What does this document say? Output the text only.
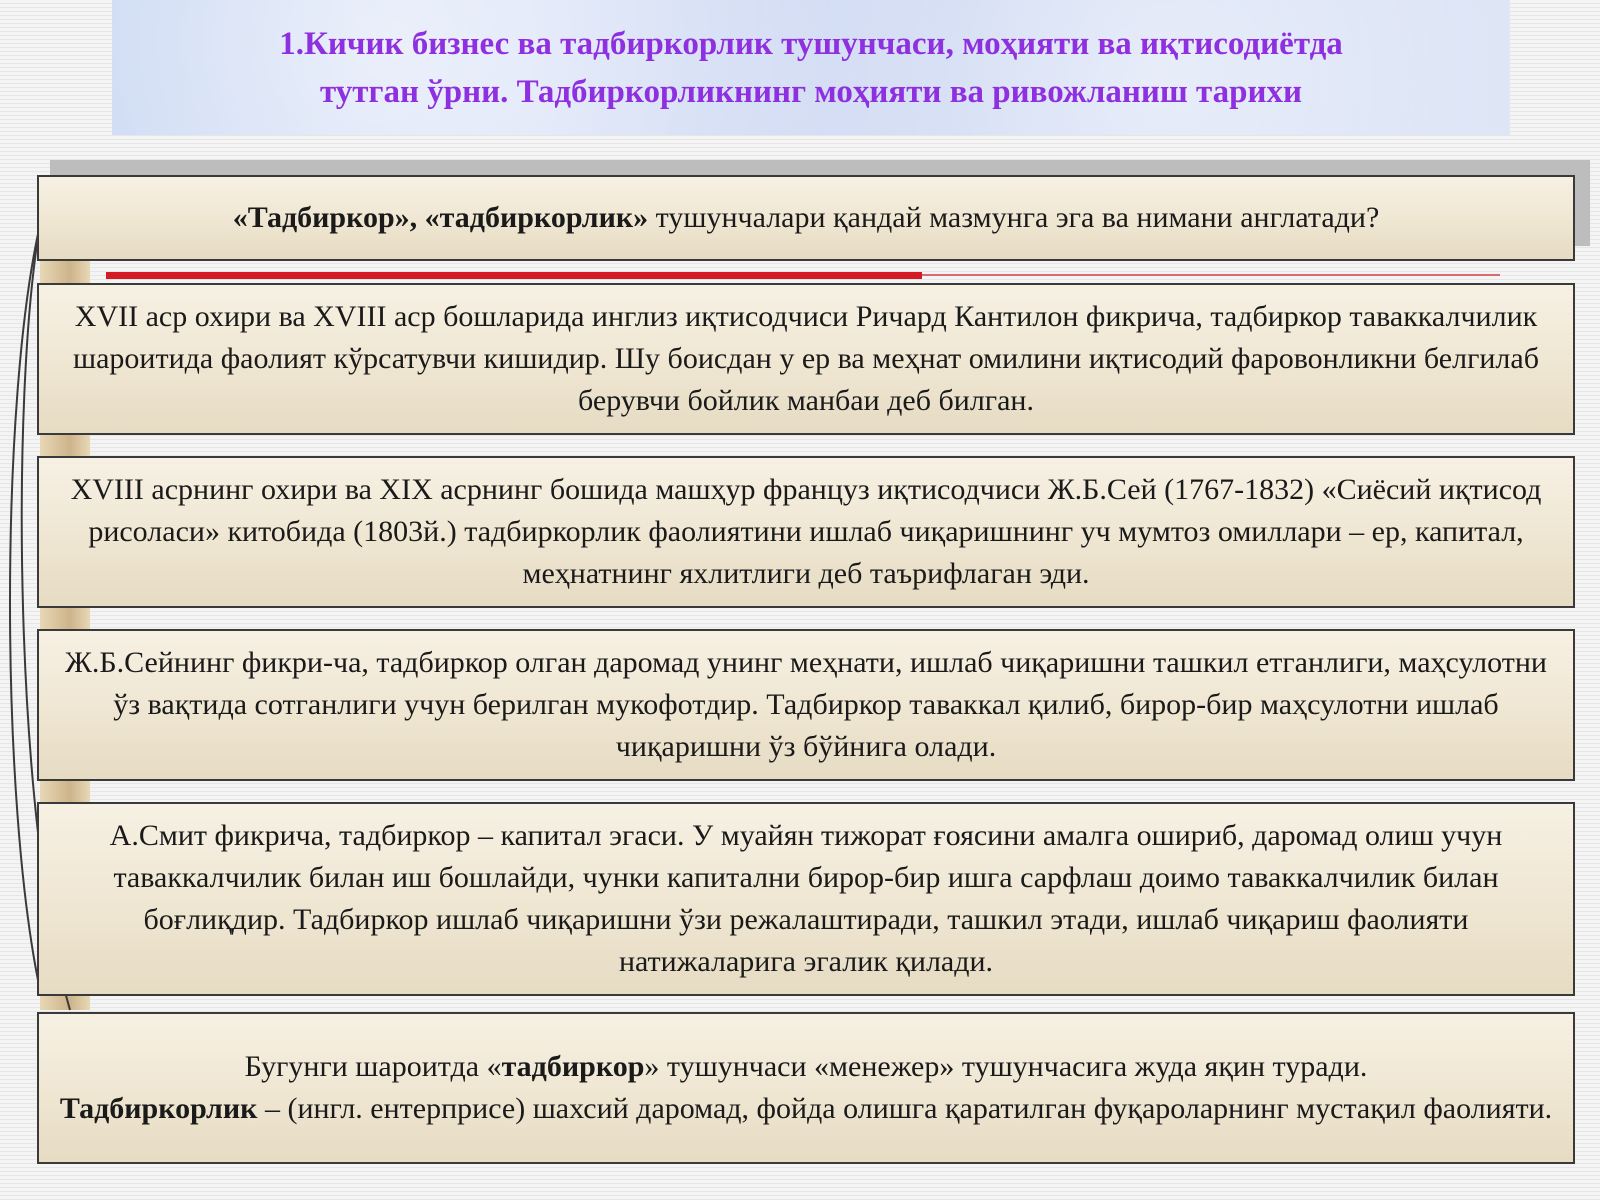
1.Кичик бизнес ва тадбиркорлик тушунчаси, моҳияти ва иқтисодиётда
тутган ўрни. Тадбиркорликнинг моҳияти ва ривожланиш тарихи

«Тадбиркор», «тадбиркорлик» тушунчалари қандай мазмунга эга ва нимани англатади?

XVII аср охири ва XVIII аср бошларида инглиз иқтисодчиси Ричард Кантилон фикрича, тадбиркор таваккалчилик шароитида фаолият кўрсатувчи кишидир. Шу боисдан у ер ва меҳнат омилини иқтисодий фаровонликни белгилаб берувчи бойлик манбаи деб билган.

XVIII асрнинг охири ва XIX асрнинг бошида машҳур француз иқтисодчиси Ж.Б.Сей (1767-1832) «Сиёсий иқтисод рисоласи» китобида (1803й.) тадбиркорлик фаолиятини ишлаб чиқаришнинг уч мумтоз омиллари – ер, капитал, меҳнатнинг яхлитлиги деб таърифлаган эди.

Ж.Б.Сейнинг фикри-ча, тадбиркор олган даромад унинг меҳнати, ишлаб чиқаришни ташкил етганлиги, маҳсулотни ўз вақтида сотганлиги учун берилган мукофотдир. Тадбиркор таваккал қилиб, бирор-бир маҳсулотни ишлаб чиқаришни ўз бўйнига олади.

А.Смит фикрича, тадбиркор – капитал эгаси. У муайян тижорат ғоясини амалга ошириб, даромад олиш учун таваккалчилик билан иш бошлайди, чунки капитални бирор-бир ишга сарфлаш доимо таваккалчилик билан боғлиқдир. Тадбиркор ишлаб чиқаришни ўзи режалаштиради, ташкил этади, ишлаб чиқариш фаолияти натижаларига эгалик қилади.

Бугунги шароитда «тадбиркор» тушунчаси «менежер» тушунчасига жуда яқин туради.
Тадбиркорлик – (ингл. ентерприсе) шахсий даромад, фойда олишга қаратилган фуқароларнинг мустақил фаолияти.
